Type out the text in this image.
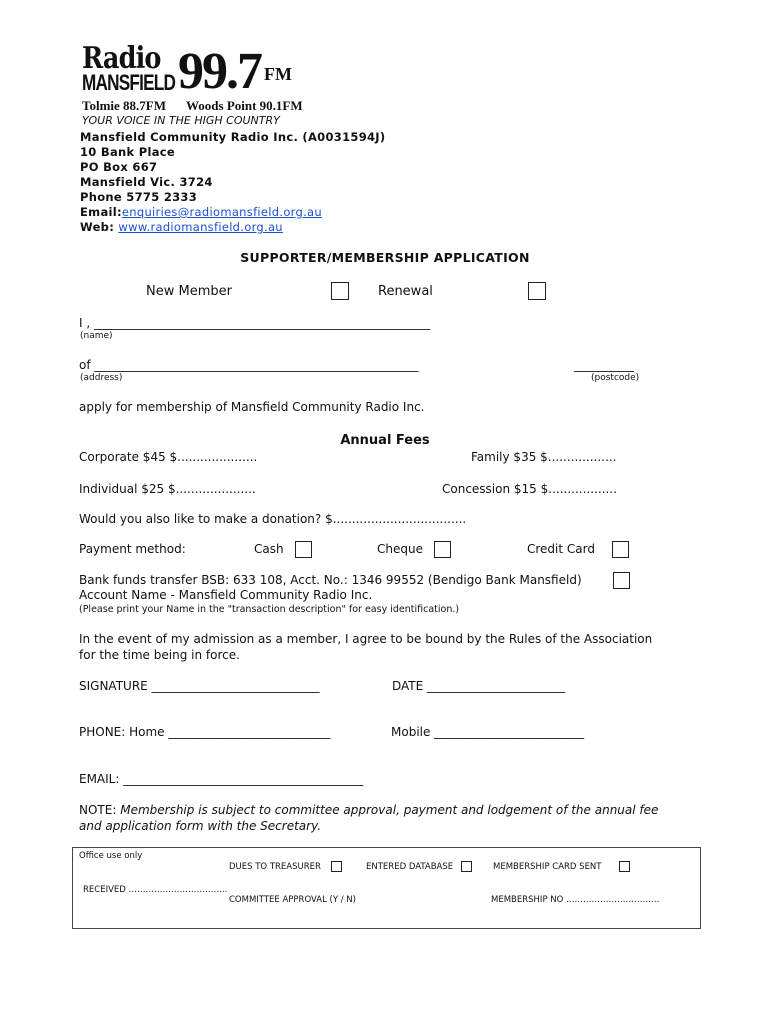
Radio
MANSFIELD 99.7 FM
Tolmie 88.7FM Woods Point 90.1FM
YOUR VOICE IN THE HIGH COUNTRY
Mansfield Community Radio Inc. (A0031594J)
10 Bank Place
PO Box 667
Mansfield Vic. 3724
Phone 5775 2333
Email:enquiries@radiomansfield.org.au
Web: www.radiomansfield.org.au
SUPPORTER/MEMBERSHIP APPLICATION
New Member	Renewal
I , ________________________________________________________
(name)
of ______________________________________________________	__________
(address)	(postcode)
apply for membership of Mansfield Community Radio Inc.
Annual Fees
Corporate $45 $.....................	Family $35 $..................
Individual $25 $.....................	Concession $15 $..................
Would you also like to make a donation? $...................................
Payment method:	Cash	Cheque	Credit Card
Bank funds transfer BSB: 633 108, Acct. No.: 1346 99552 (Bendigo Bank Mansfield)
Account Name - Mansfield Community Radio Inc.
(Please print your Name in the "transaction description" for easy identification.)
In the event of my admission as a member, I agree to be bound by the Rules of the Association
for the time being in force.
SIGNATURE ____________________________	DATE _______________________
PHONE: Home ___________________________	Mobile _________________________
EMAIL: ________________________________________
NOTE: Membership is subject to committee approval, payment and lodgement of the annual fee
and application form with the Secretary.
Office use only
DUES TO TREASURER	ENTERED DATABASE	MEMBERSHIP CARD SENT
RECEIVED ……………………………..
COMMITTEE APPROVAL (Y / N)	MEMBERSHIP NO ……………………………
